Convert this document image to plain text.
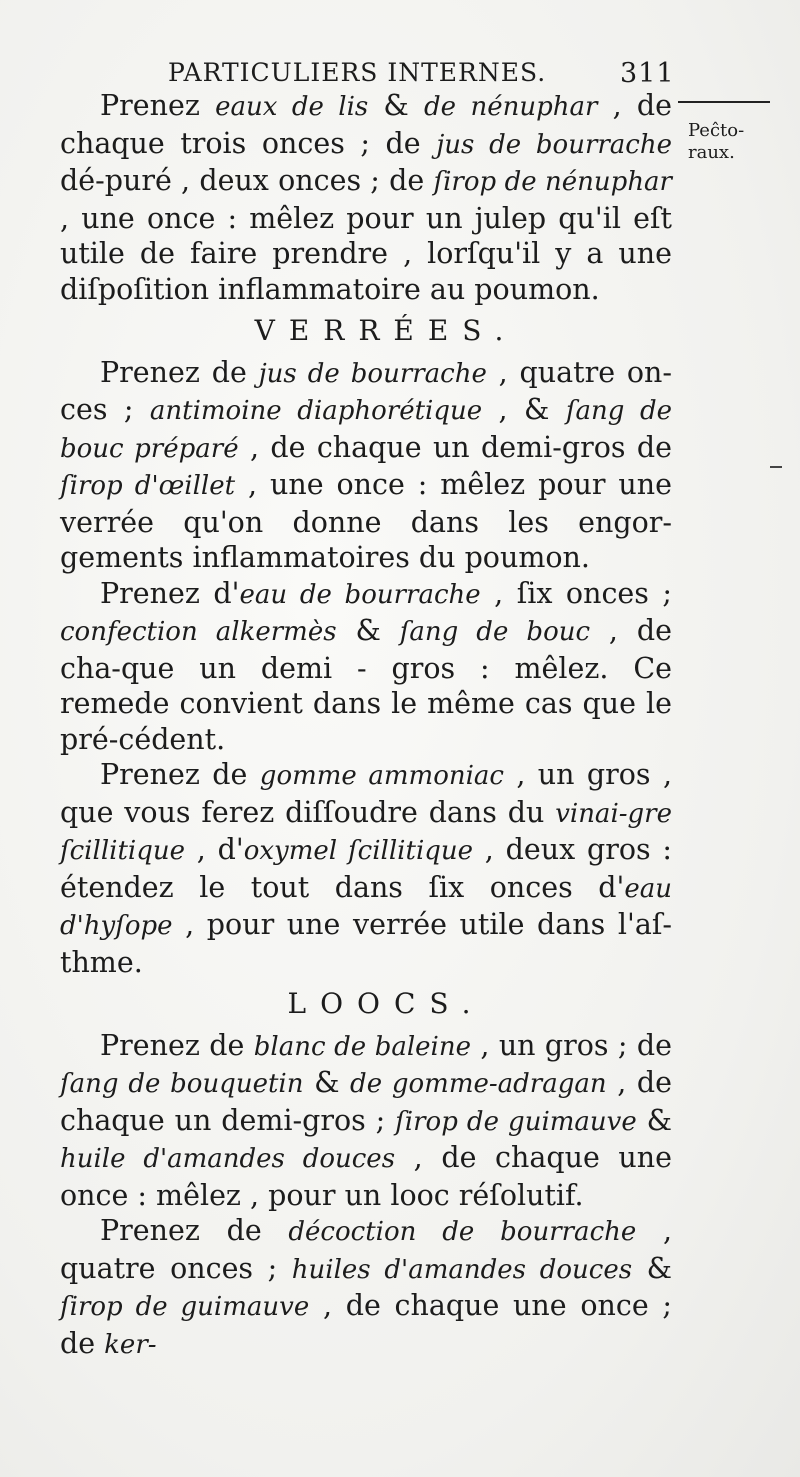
PARTICULIERS INTERNES.	311
Peĉto-raux.

Prenez eaux de lis & de nénuphar , de chaque trois onces ; de jus de bourrache dé-puré , deux onces ; de ſirop de nénuphar , une once : mêlez pour un julep qu'il eſt utile de faire prendre , lorſqu'il y a une diſpoſition inflammatoire au poumon.

VERRÉES.

Prenez de jus de bourrache , quatre on-ces ; antimoine diaphorétique , & ſang de bouc préparé , de chaque un demi-gros de ſirop d'œillet , une once : mêlez pour une verrée qu'on donne dans les engor-gements inflammatoires du poumon.

Prenez d'eau de bourrache , ſix onces ; confection alkermès & ſang de bouc , de cha-que un demi - gros : mêlez. Ce remede convient dans le même cas que le pré-cédent.

Prenez de gomme ammoniac , un gros , que vous ferez diſſoudre dans du vinai-gre ſcillitique , d'oxymel ſcillitique , deux gros : étendez le tout dans ſix onces d'eau d'hyſope , pour une verrée utile dans l'aſ-thme.

LOOCS.

Prenez de blanc de baleine , un gros ; de ſang de bouquetin & de gomme-adragan , de chaque un demi-gros ; ſirop de guimauve & huile d'amandes douces , de chaque une once : mêlez , pour un looc réſolutif.

Prenez de décoction de bourrache , quatre onces ; huiles d'amandes douces & ſirop de guimauve , de chaque une once ; de ker-
